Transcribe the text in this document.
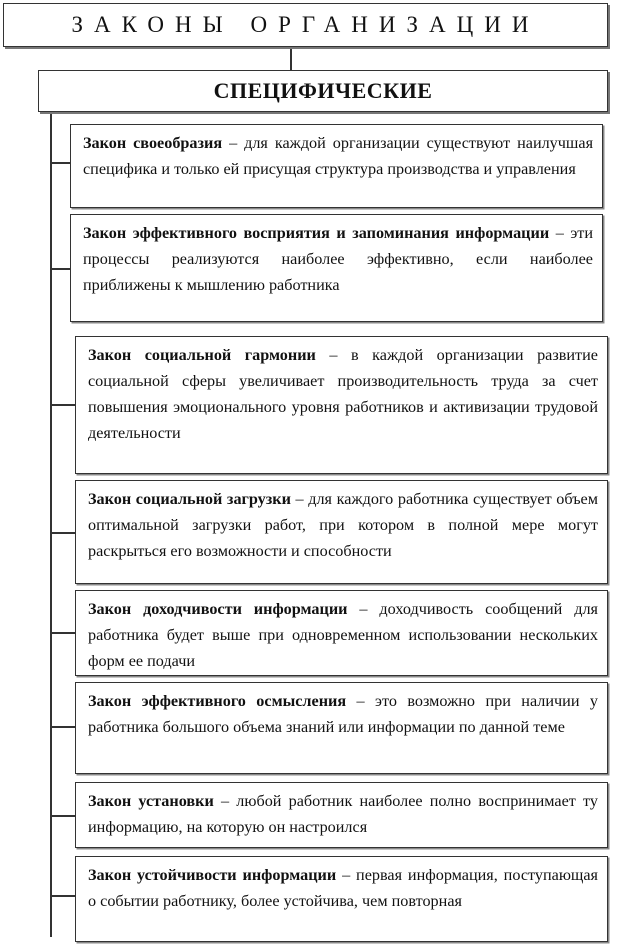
ЗАКОНЫ ОРГАНИЗАЦИИ
СПЕЦИФИЧЕСКИЕ
Закон своеобразия – для каждой организации существуют наилучшая специфика и только ей присущая структура производства и управления
Закон эффективного восприятия и запоминания информации – эти процессы реализуются наиболее эффективно, если наиболее приближены к мышлению работника
Закон социальной гармонии – в каждой организации развитие социальной сферы увеличивает производительность труда за счет повышения эмоционального уровня работников и активизации трудовой деятельности
Закон социальной загрузки – для каждого работника существует объем оптимальной загрузки работ, при котором в полной мере могут раскрыться его возможности и способности
Закон доходчивости информации – доходчивость сообщений для работника будет выше при одновременном использовании нескольких форм ее подачи
Закон эффективного осмысления – это возможно при наличии у работника большого объема знаний или информации по данной теме
Закон установки – любой работник наиболее полно воспринимает ту информацию, на которую он настроился
Закон устойчивости информации – первая информация, поступающая о событии работнику, более устойчива, чем повторная
